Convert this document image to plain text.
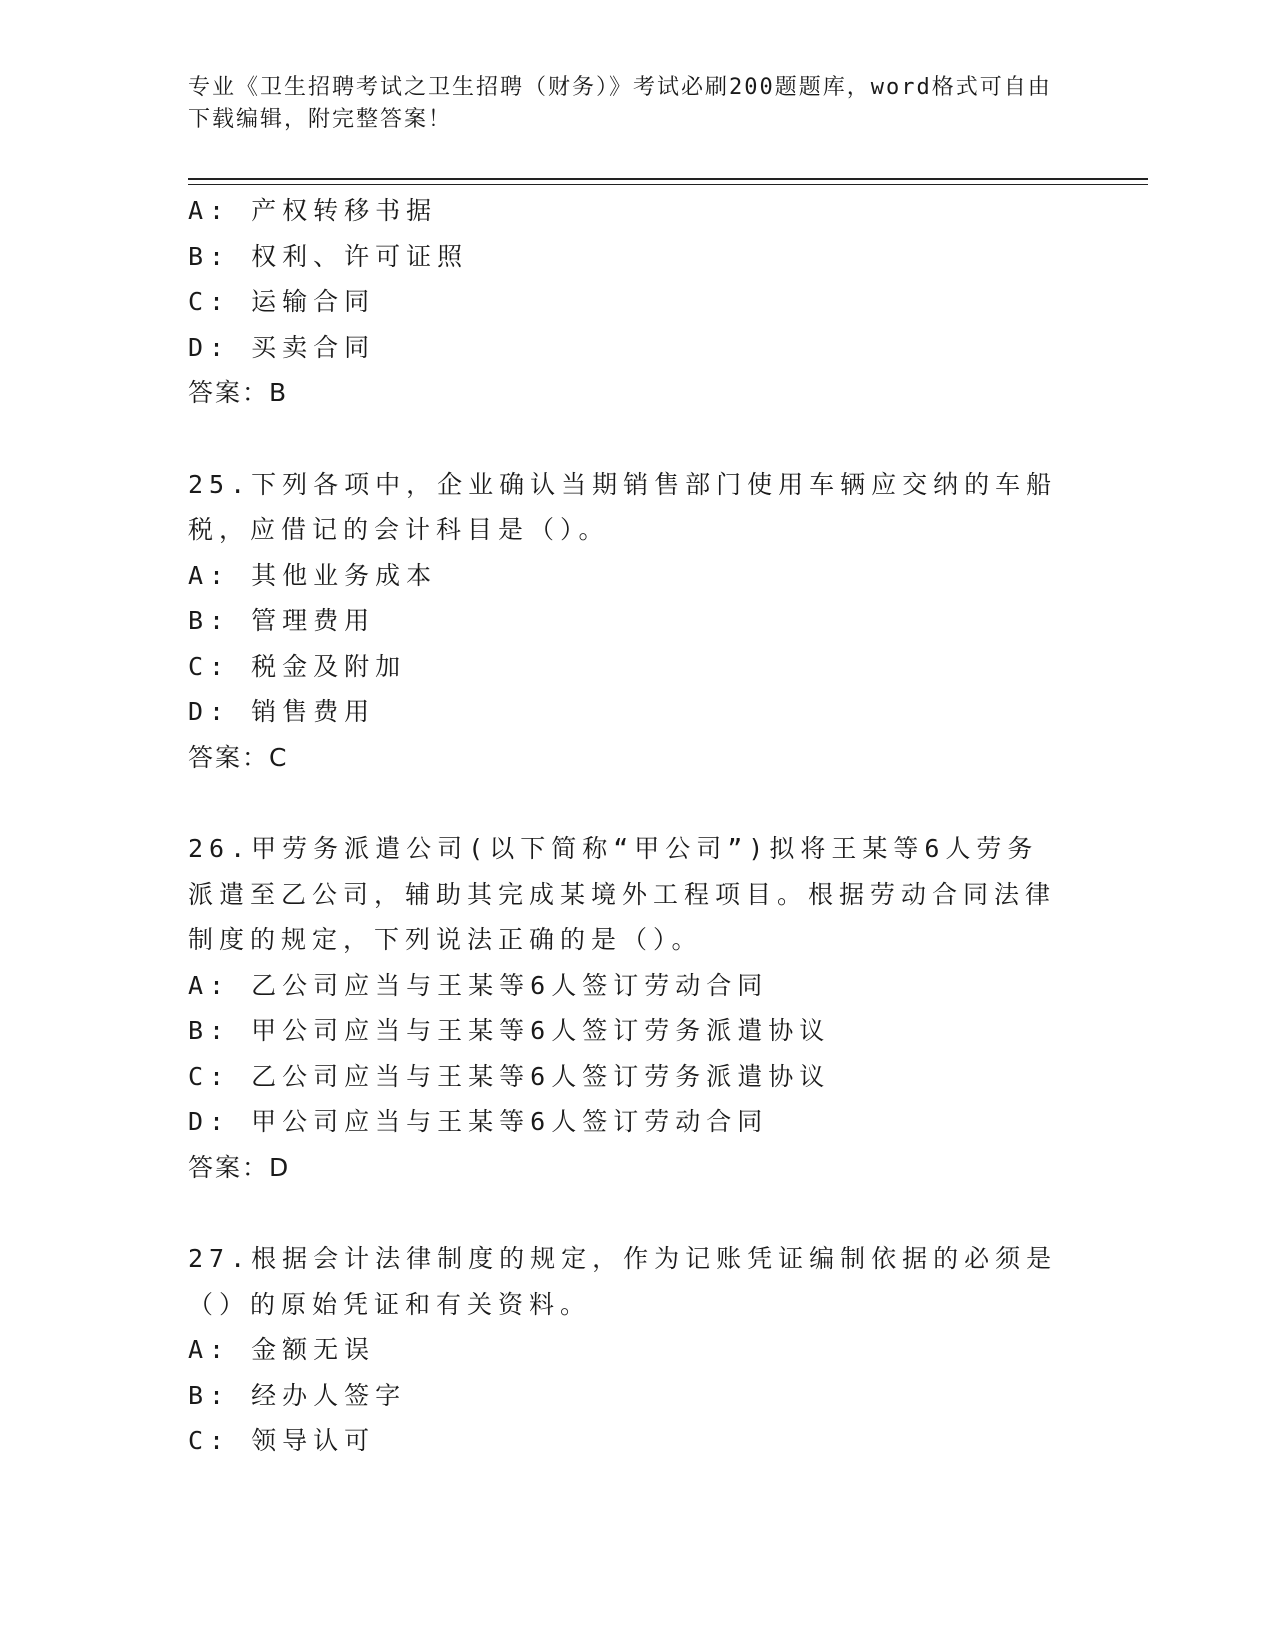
专业《卫生招聘考试之卫生招聘（财务）》考试必刷200题题库，word格式可自由下载编辑，附完整答案！
A: 产权转移书据
B: 权利、许可证照
C: 运输合同
D: 买卖合同
答案：B
25.下列各项中，企业确认当期销售部门使用车辆应交纳的车船税，应借记的会计科目是（）。
A: 其他业务成本
B: 管理费用
C: 税金及附加
D: 销售费用
答案：C
26.甲劳务派遣公司(以下简称“甲公司”)拟将王某等6人劳务派遣至乙公司，辅助其完成某境外工程项目。根据劳动合同法律制度的规定，下列说法正确的是（）。
A: 乙公司应当与王某等6人签订劳动合同
B: 甲公司应当与王某等6人签订劳务派遣协议
C: 乙公司应当与王某等6人签订劳务派遣协议
D: 甲公司应当与王某等6人签订劳动合同
答案：D
27.根据会计法律制度的规定，作为记账凭证编制依据的必须是（）的原始凭证和有关资料。
A: 金额无误
B: 经办人签字
C: 领导认可
